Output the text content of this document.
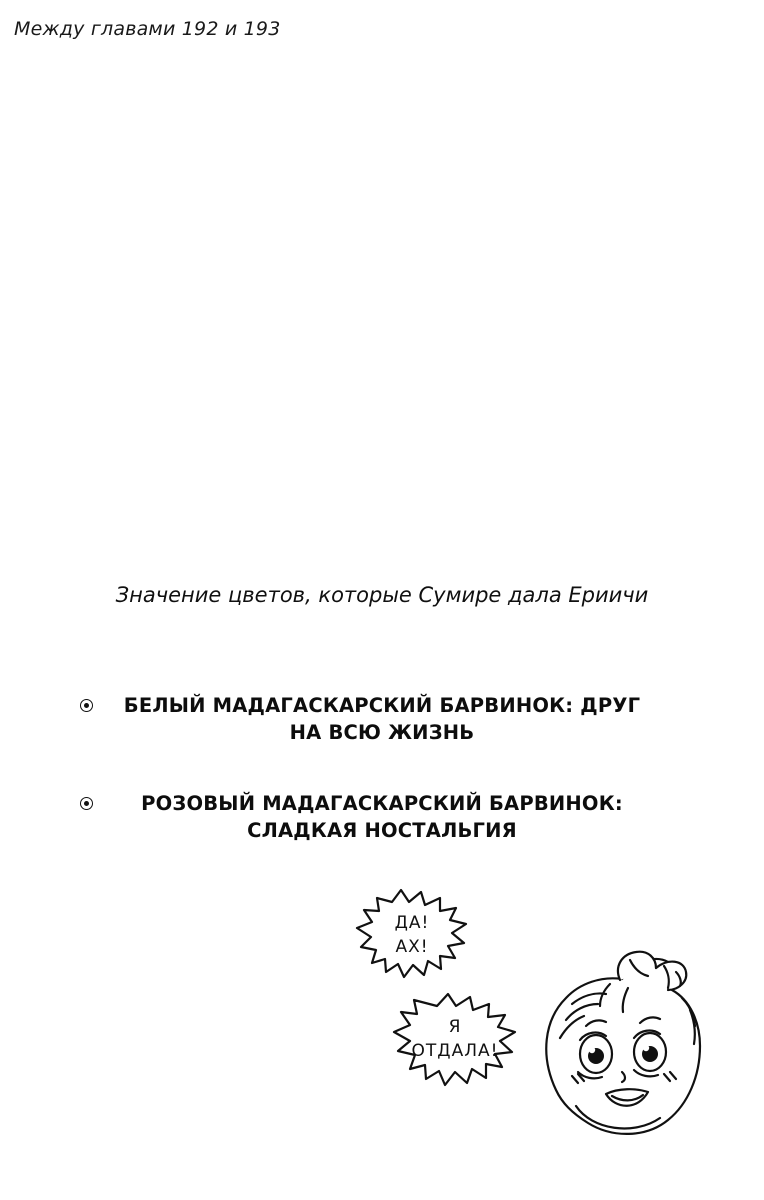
Между главами 192 и 193
Значение цветов, которые Сумире дала Ериичи
БЕЛЫЙ МАДАГАСКАРСКИЙ БАРВИНОК: ДРУГ НА ВСЮ ЖИЗНЬ
РОЗОВЫЙ МАДАГАСКАРСКИЙ БАРВИНОК: СЛАДКАЯ НОСТАЛЬГИЯ
ДА!
АХ!
Я
ОТДАЛА!
